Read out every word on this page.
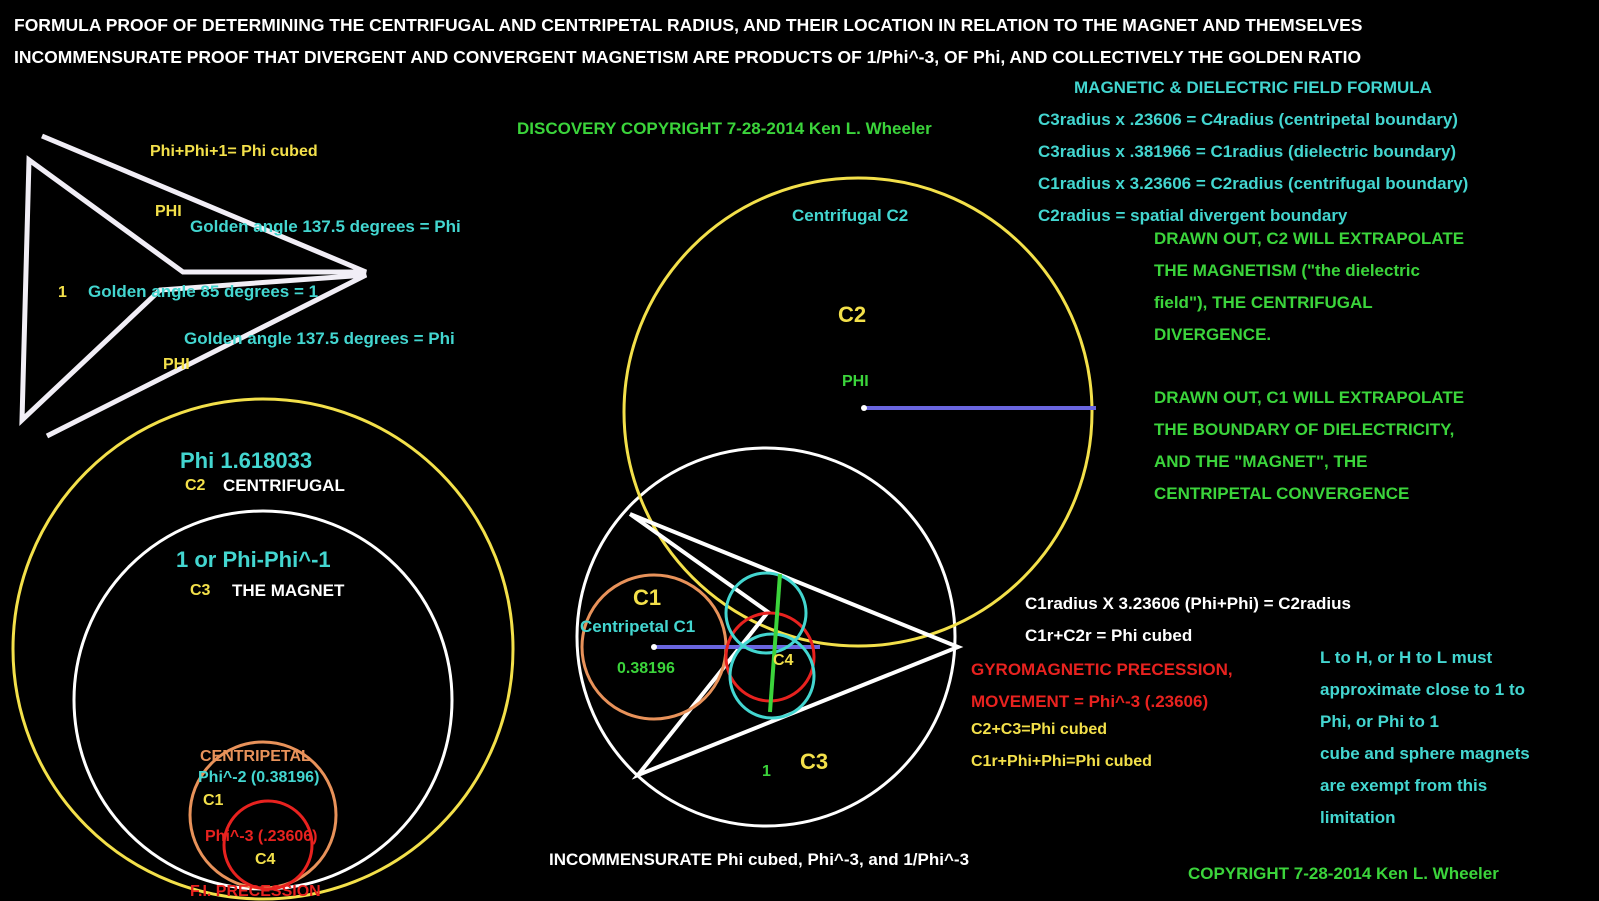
FORMULA PROOF OF DETERMINING THE CENTRIFUGAL AND CENTRIPETAL RADIUS, AND THEIR LOCATION IN RELATION TO THE MAGNET AND THEMSELVES
INCOMMENSURATE PROOF THAT DIVERGENT AND CONVERGENT MAGNETISM ARE PRODUCTS OF 1/Phi^-3, OF Phi, AND COLLECTIVELY THE GOLDEN RATIO
Phi+Phi+1= Phi cubed
PHI
Golden angle 137.5 degrees = Phi
1 Golden angle 85 degrees = 1
Golden angle 137.5 degrees = Phi
PHI
Phi 1.618033
C2 CENTRIFUGAL
1 or Phi-Phi^-1
C3 THE MAGNET
CENTRIPETAL
Phi^-2 (0.38196)
C1
Phi^-3 (.23606)
C4
F.I. PRECESSION
Centrifugal C2
C2
PHI
C1
Centripetal C1
0.38196	C4
1 C3
DISCOVERY COPYRIGHT 7-28-2014 Ken L. Wheeler
MAGNETIC & DIELECTRIC FIELD FORMULA
C3radius x .23606 = C4radius (centripetal boundary)
C3radius x .381966 = C1radius (dielectric boundary)
C1radius x 3.23606 = C2radius (centrifugal boundary)
C2radius = spatial divergent boundary
DRAWN OUT, C2 WILL EXTRAPOLATE
THE MAGNETISM ("the dielectric
field"), THE CENTRIFUGAL
DIVERGENCE.
DRAWN OUT, C1 WILL EXTRAPOLATE
THE BOUNDARY OF DIELECTRICITY,
AND THE "MAGNET", THE
CENTRIPETAL CONVERGENCE
C1radius X 3.23606 (Phi+Phi) = C2radius
C1r+C2r = Phi cubed
GYROMAGNETIC PRECESSION,
MOVEMENT = Phi^-3 (.23606)
C2+C3=Phi cubed
C1r+Phi+Phi=Phi cubed
L to H, or H to L must
approximate close to 1 to
Phi, or Phi to 1
cube and sphere magnets
are exempt from this
limitation
INCOMMENSURATE Phi cubed, Phi^-3, and 1/Phi^-3
COPYRIGHT 7-28-2014 Ken L. Wheeler
